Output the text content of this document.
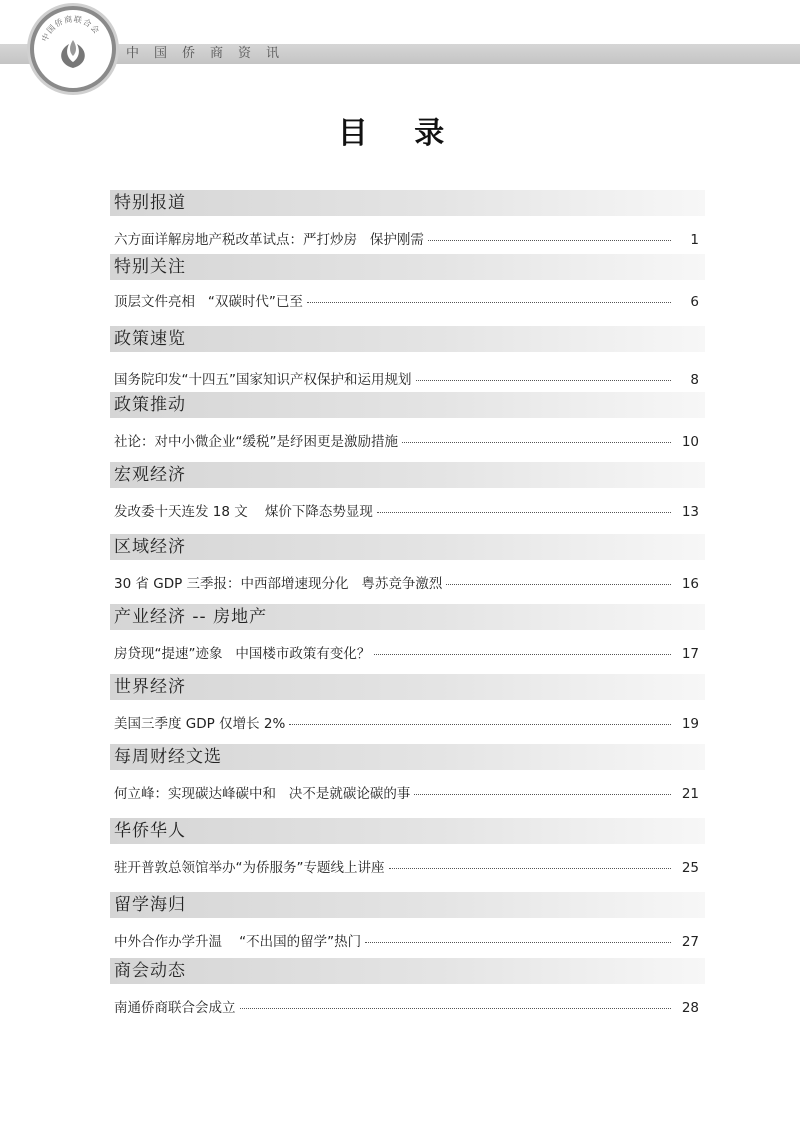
中国侨商资讯
中国侨商联合会
目 录
特别报道
六方面详解房地产税改革试点：严打炒房   保护刚需	1
特别关注
顶层文件亮相   “双碳时代”已至	6
政策速览
国务院印发“十四五”国家知识产权保护和运用规划	8
政策推动
社论：对中小微企业“缓税”是纾困更是激励措施	10
宏观经济
发改委十天连发 18 文    煤价下降态势显现	13
区域经济
30 省 GDP 三季报：中西部增速现分化   粤苏竞争激烈	16
产业经济 -- 房地产
房贷现“提速”迹象   中国楼市政策有变化？	17
世界经济
美国三季度 GDP 仅增长 2%	19
每周财经文选
何立峰：实现碳达峰碳中和   决不是就碳论碳的事	21
华侨华人
驻开普敦总领馆举办“为侨服务”专题线上讲座	25
留学海归
中外合作办学升温    “不出国的留学”热门	27
商会动态
南通侨商联合会成立	28
